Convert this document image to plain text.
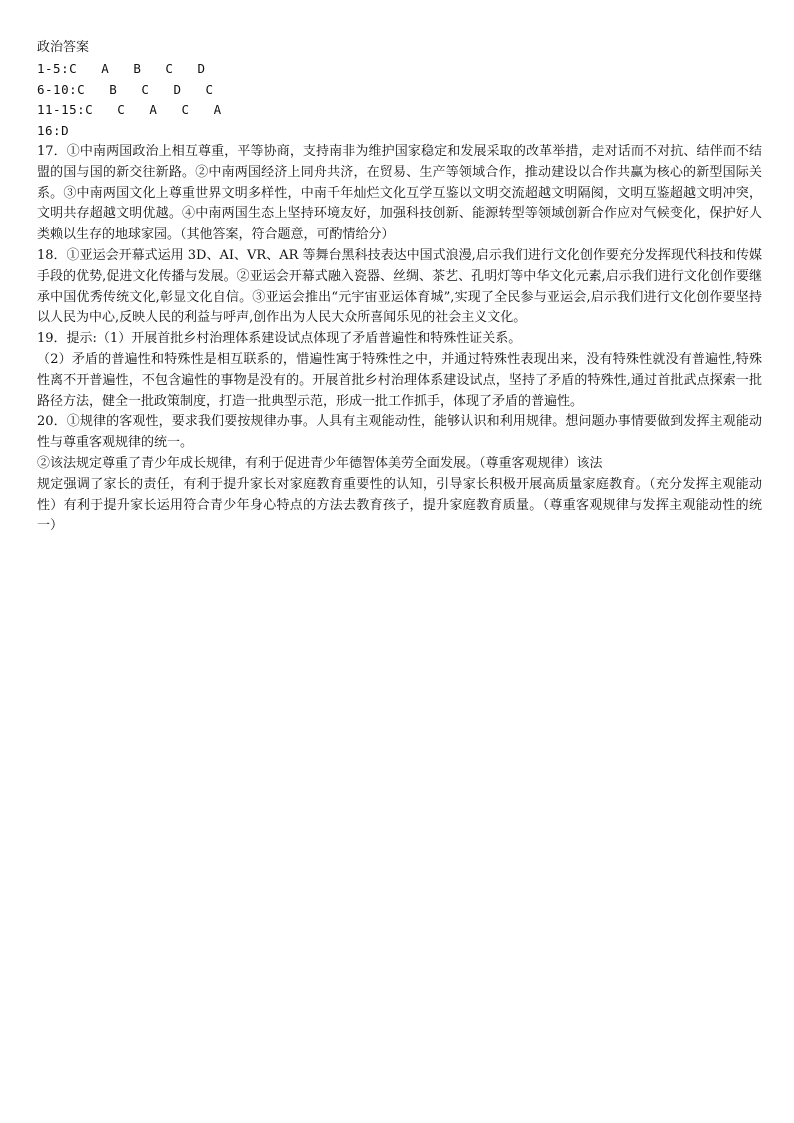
政治答案
1-5:C   A   B   C   D
6-10:C   B   C   D   C
11-15:C   C   A   C   A
16:D
17．①中南两国政治上相互尊重，平等协商，支持南非为维护国家稳定和发展采取的改革举措，走对话而不对抗、结伴而不结盟的国与国的新交往新路。②中南两国经济上同舟共济，在贸易、生产等领域合作，推动建设以合作共赢为核心的新型国际关系。③中南两国文化上尊重世界文明多样性，中南千年灿烂文化互学互鉴以文明交流超越文明隔阂，文明互鉴超越文明冲突，文明共存超越文明优越。④中南两国生态上坚持环境友好，加强科技创新、能源转型等领域创新合作应对气候变化，保护好人类赖以生存的地球家园。（其他答案，符合题意，可酌情给分）
18．①亚运会开幕式运用 3D、AI、VR、AR 等舞台黑科技表达中国式浪漫,启示我们进行文化创作要充分发挥现代科技和传媒手段的优势,促进文化传播与发展。②亚运会开幕式融入瓷器、丝绸、茶艺、孔明灯等中华文化元素,启示我们进行文化创作要继承中国优秀传统文化,彰显文化自信。③亚运会推出“元宇宙亚运体育城”,实现了全民参与亚运会,启示我们进行文化创作要坚持以人民为中心,反映人民的利益与呼声,创作出为人民大众所喜闻乐见的社会主义文化。
19．提示:（1）开展首批乡村治理体系建设试点体现了矛盾普遍性和特殊性证关系。
（2）矛盾的普遍性和特殊性是相互联系的，惜遍性寓于特殊性之中，并通过特殊性表现出来，没有特殊性就没有普遍性,特殊性离不开普遍性，不包含遍性的事物是没有的。开展首批乡村治理体系建设试点，坚持了矛盾的特殊性,通过首批武点探索一批路径方法，健全一批政策制度，打造一批典型示范，形成一批工作抓手，体现了矛盾的普遍性。
20．①规律的客观性，要求我们要按规律办事。人具有主观能动性，能够认识和利用规律。想问题办事情要做到发挥主观能动性与尊重客观规律的统一。
②该法规定尊重了青少年成长规律，有利于促进青少年德智体美劳全面发展。（尊重客观规律）该法
规定强调了家长的责任，有利于提升家长对家庭教育重要性的认知，引导家长积极开展高质量家庭教育。（充分发挥主观能动性）有利于提升家长运用符合青少年身心特点的方法去教育孩子，提升家庭教育质量。（尊重客观规律与发挥主观能动性的统一）
